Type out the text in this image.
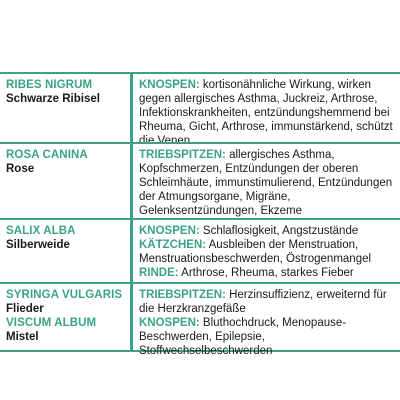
RIBES NIGRUM
Schwarze Ribisel
KNOSPEN: kortisonähnliche Wirkung, wirken gegen allergisches Asthma, Juckreiz, Arthrose, Infektionskrankheiten, entzündungshemmend bei Rheuma, Gicht, Arthrose, immunstärkend, schützt die Venen
ROSA CANINA
Rose
TRIEBSPITZEN: allergisches Asthma, Kopfschmerzen, Entzündungen der oberen Schleimhäute, immunstimulierend, Entzündungen der Atmungsorgane, Migräne, Gelenksentzündungen, Ekzeme
SALIX ALBA
Silberweide
KNOSPEN: Schlaflosigkeit, Angstzustände
KÄTZCHEN: Ausbleiben der Menstruation, Menstruationsbeschwerden, Östrogenmangel
RINDE: Arthrose, Rheuma, starkes Fieber
SYRINGA VULGARIS
Flieder
VISCUM ALBUM
Mistel
TRIEBSPITZEN: Herzinsuffizienz, erweiternd für die Herzkranzgefäße
KNOSPEN: Bluthochdruck, Menopause-Beschwerden, Epilepsie, Stoffwechselbeschwerden
